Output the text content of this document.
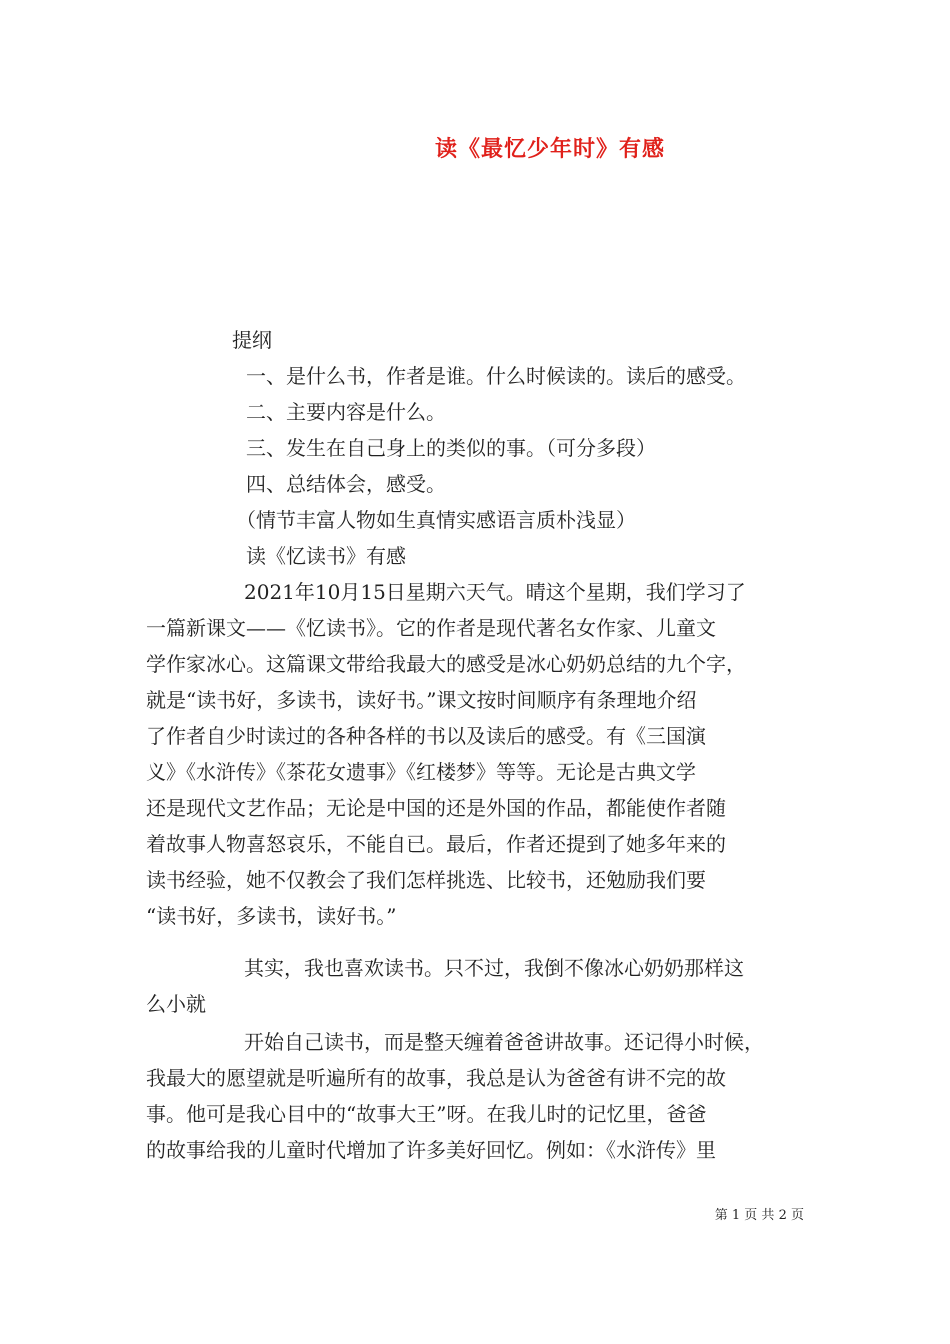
读《最忆少年时》有感
提纲
一、是什么书，作者是谁。什么时候读的。读后的感受。
二、主要内容是什么。
三、发生在自己身上的类似的事。（可分多段）
四、总结体会，感受。
（情节丰富人物如生真情实感语言质朴浅显）
读《忆读书》有感
2021年10月15日星期六天气。晴这个星期，我们学习了
一篇新课文——《忆读书》。它的作者是现代著名女作家、儿童文
学作家冰心。这篇课文带给我最大的感受是冰心奶奶总结的九个字，
就是“读书好，多读书，读好书。”课文按时间顺序有条理地介绍
了作者自少时读过的各种各样的书以及读后的感受。有《三国演
义》《水浒传》《茶花女遗事》《红楼梦》等等。无论是古典文学
还是现代文艺作品；无论是中国的还是外国的作品，都能使作者随
着故事人物喜怒哀乐，不能自已。最后，作者还提到了她多年来的
读书经验，她不仅教会了我们怎样挑选、比较书，还勉励我们要
“读书好，多读书，读好书。”
其实，我也喜欢读书。只不过，我倒不像冰心奶奶那样这
么小就
开始自己读书，而是整天缠着爸爸讲故事。还记得小时候，
我最大的愿望就是听遍所有的故事，我总是认为爸爸有讲不完的故
事。他可是我心目中的“故事大王”呀。在我儿时的记忆里，爸爸
的故事给我的儿童时代增加了许多美好回忆。例如：《水浒传》里
第 1 页 共 2 页
